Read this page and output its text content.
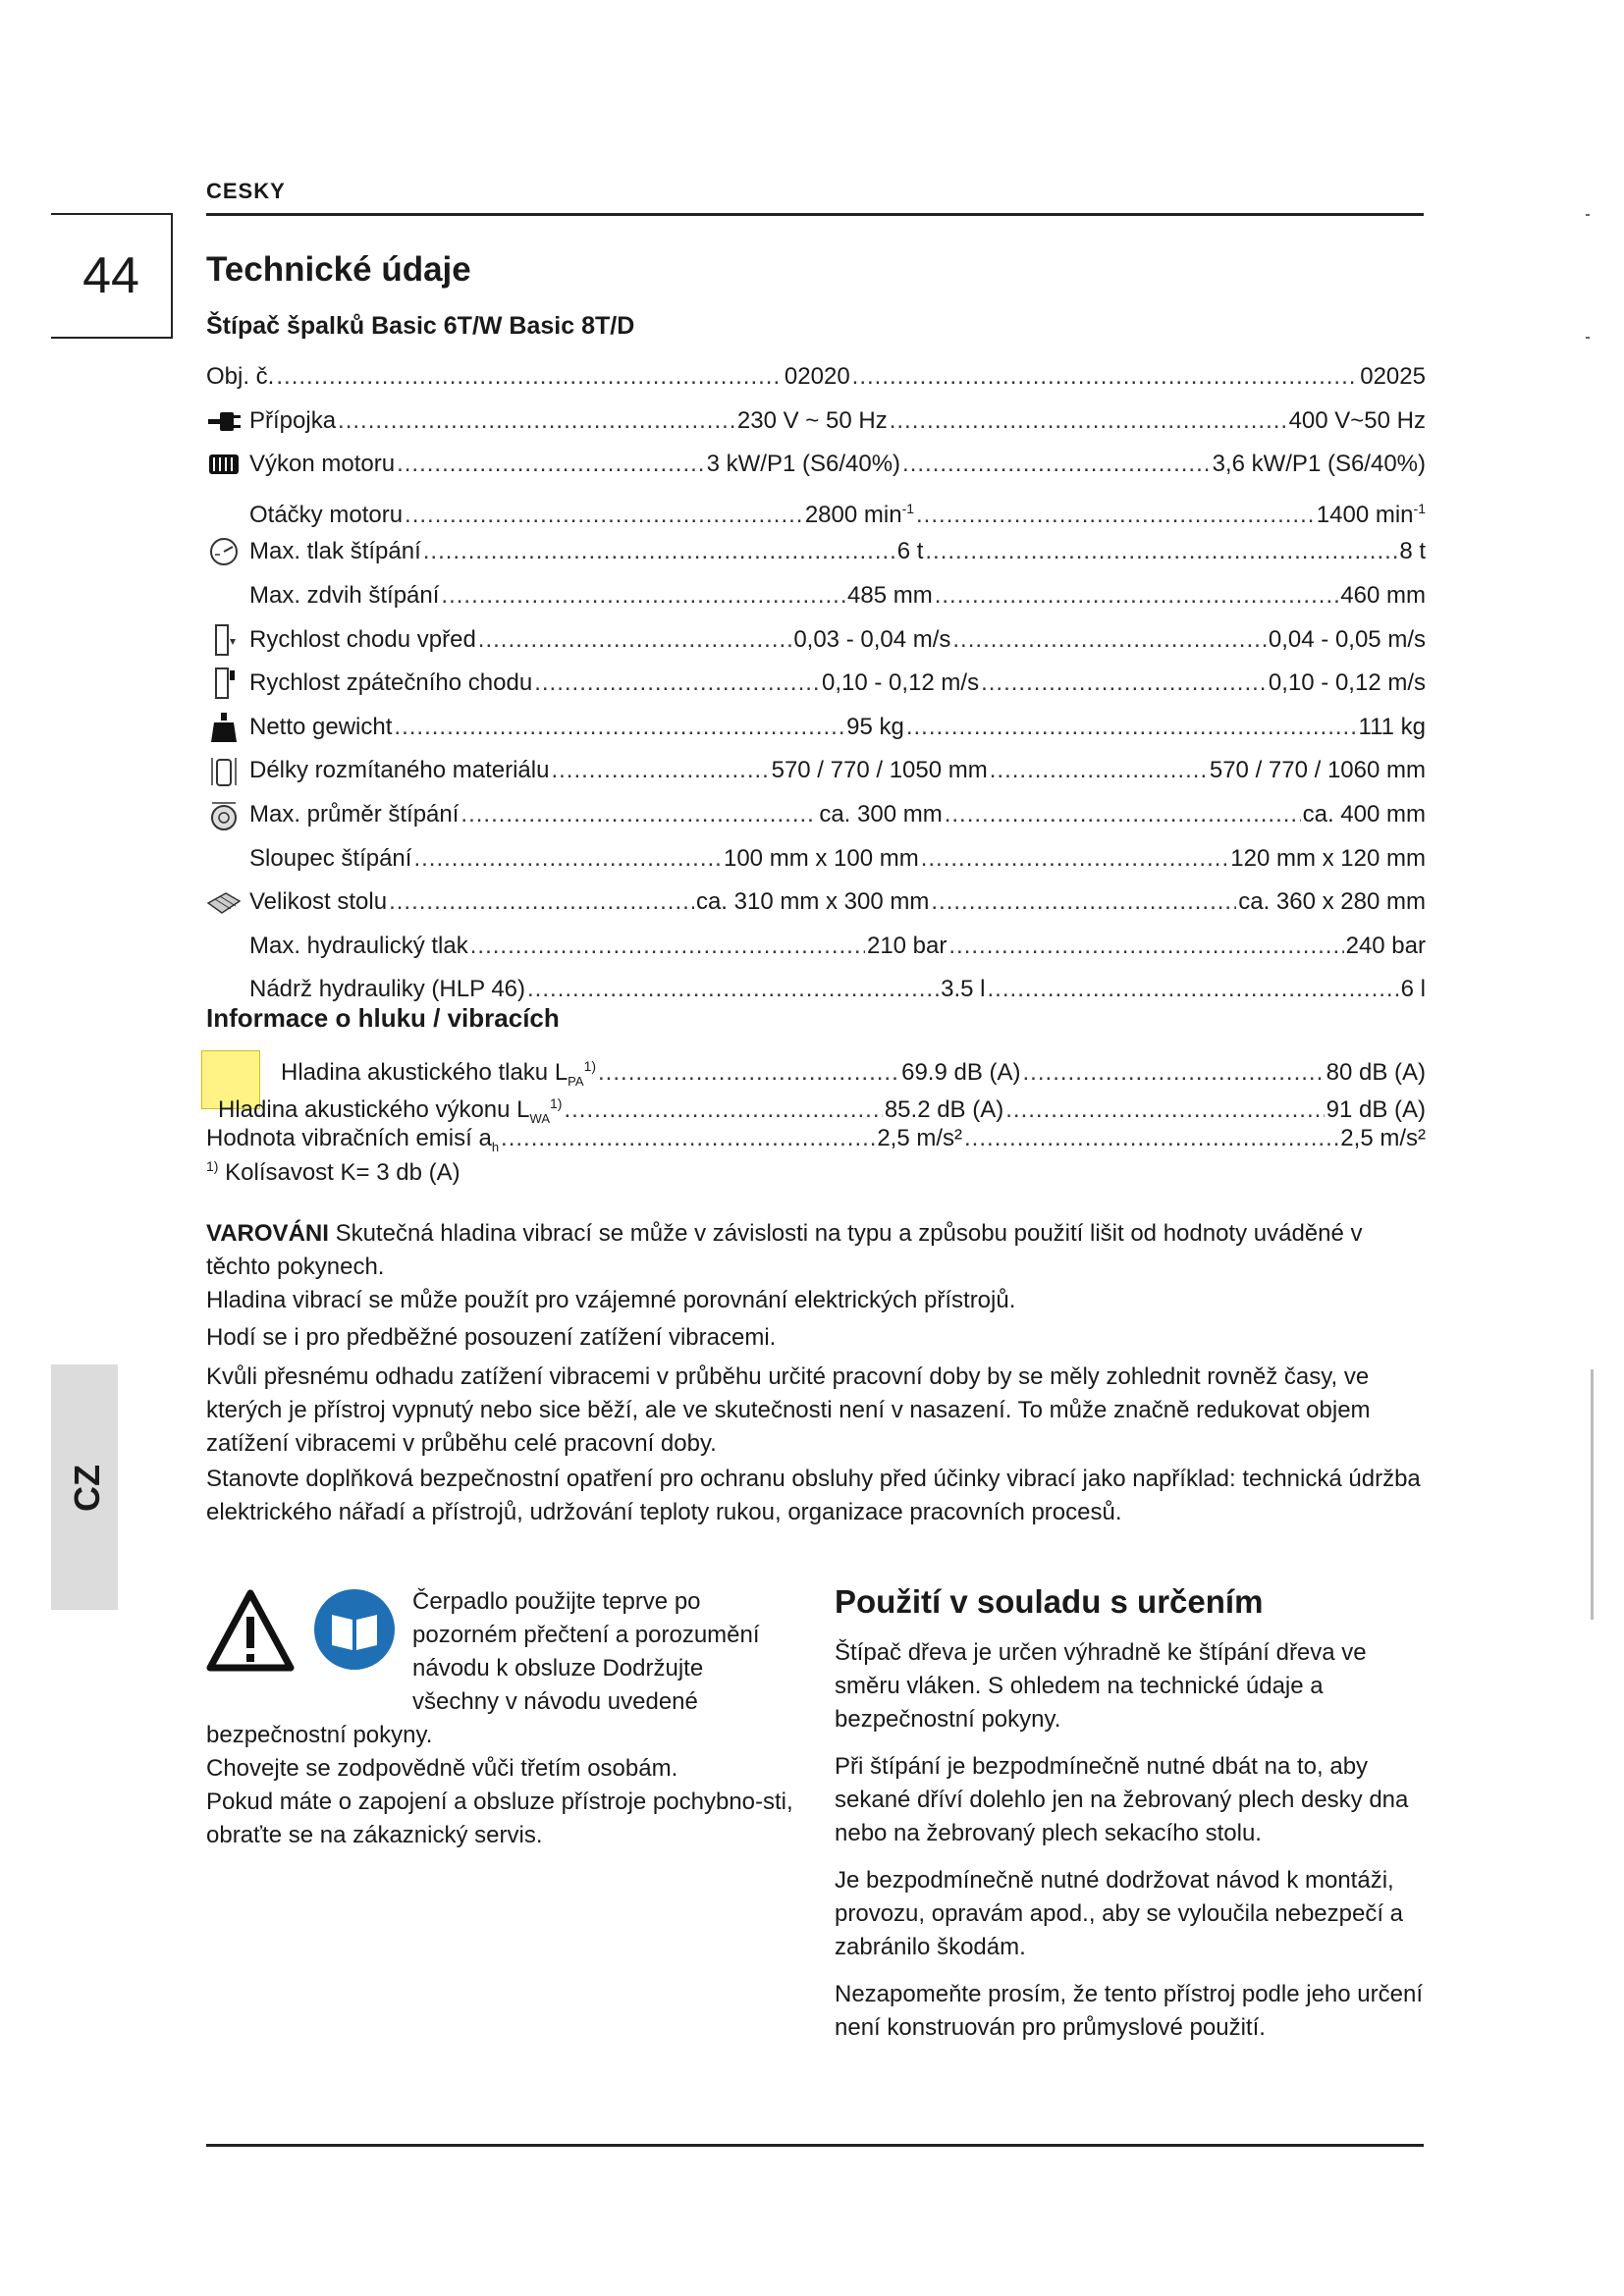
CESKY
44	Technické údaje
Štípač špalků Basic 6T/W Basic 8T/D
Obj. č. .....	02020 .....	02025
Přípojka .....	230 V ~ 50 Hz .....	400 V~50 Hz
Výkon motoru .....	3 kW/P1 (S6/40%) .....	3,6 kW/P1 (S6/40%)
Otáčky motoru .....	2800 $\min^{-1}$ .....	1400 $\min^{-1}$
Max. tlak štípání .....	6 t .....	8 t
Max. zdvih štípání .....	485 mm .....	460 mm
Rychlost chodu vpřed .....	0,03 - 0,04 m/s .....	0,04 - 0,05 m/s
Rychlost zpátečního chodu .....	0,10 - 0,12 m/s .....	0,10 - 0,12 m/s
Netto gewicht .....	95 kg .....	111 kg
Délky rozmítaného materiálu .....	570 / 770 / 1050 mm .....	570 / 770 / 1060 mm
Max. průměr štípání .....	ca. 300 mm .....	ca. 400 mm
Sloupec štípání .....	100 mm x 100 mm .....	120 mm x 120 mm
Velikost stolu .....	ca. 310 mm x 300 mm .....	ca. 360 x 280 mm
Max. hydraulický tlak .....	210 bar .....	240 bar
Nádrž hydrauliky (HLP 46) .....	3.5 l .....	6 l
Informace o hluku / vibracích
Hladina akustického tlaku $L_{PA}^{1)}$ .....	69.9 dB (A) .....	80 dB (A)
Hladina akustického výkonu $L_{WA}^{1)}$ .....	85.2 dB (A) .....	91 dB (A)
Hodnota vibračních emisí $a_h$ .....	2,5 m/s² .....	2,5 m/s²
$^{1)}$ Kolísavost K= 3 db (A)
VAROVÁNI Skutečná hladina vibrací se může v závislosti na typu a způsobu použití lišit od hodnoty uváděné v těchto pokynech.
Hladina vibrací se může použít pro vzájemné porovnání elektrických přístrojů.
Hodí se i pro předběžné posouzení zatížení vibracemi.
Kvůli přesnému odhadu zatížení vibracemi v průběhu určité pracovní doby by se měly zohlednit rovněž časy, ve kterých je přístroj vypnutý nebo sice běží, ale ve skutečnosti není v nasazení. To může značně redukovat objem zatížení vibracemi v průběhu celé pracovní doby.
Stanovte doplňková bezpečnostní opatření pro ochranu obsluhy před účinky vibrací jako například: technická údržba elektrického nářadí a přístrojů, udržování teploty rukou, organizace pracovních procesů.
CZ
Čerpadlo použijte teprve po pozorném přečtení a porozumění návodu k obsluze Dodržujte všechny v návodu uvedené bezpečnostní pokyny.
Chovejte se zodpovědně vůči třetím osobám.
Pokud máte o zapojení a obsluze přístroje pochybno-sti, obraťte se na zákaznický servis.
Použití v souladu s určením

Štípač dřeva je určen výhradně ke štípání dřeva ve směru vláken. S ohledem na technické údaje a bezpečnostní pokyny.

Při štípání je bezpodmínečně nutné dbát na to, aby sekané dříví dolehlo jen na žebrovaný plech desky dna nebo na žebrovaný plech sekacího stolu.

Je bezpodmínečně nutné dodržovat návod k montáži, provozu, opravám apod., aby se vyloučila nebezpečí a zabránilo škodám.

Nezapomeňte prosím, že tento přístroj podle jeho určení není konstruován pro průmyslové použití.
